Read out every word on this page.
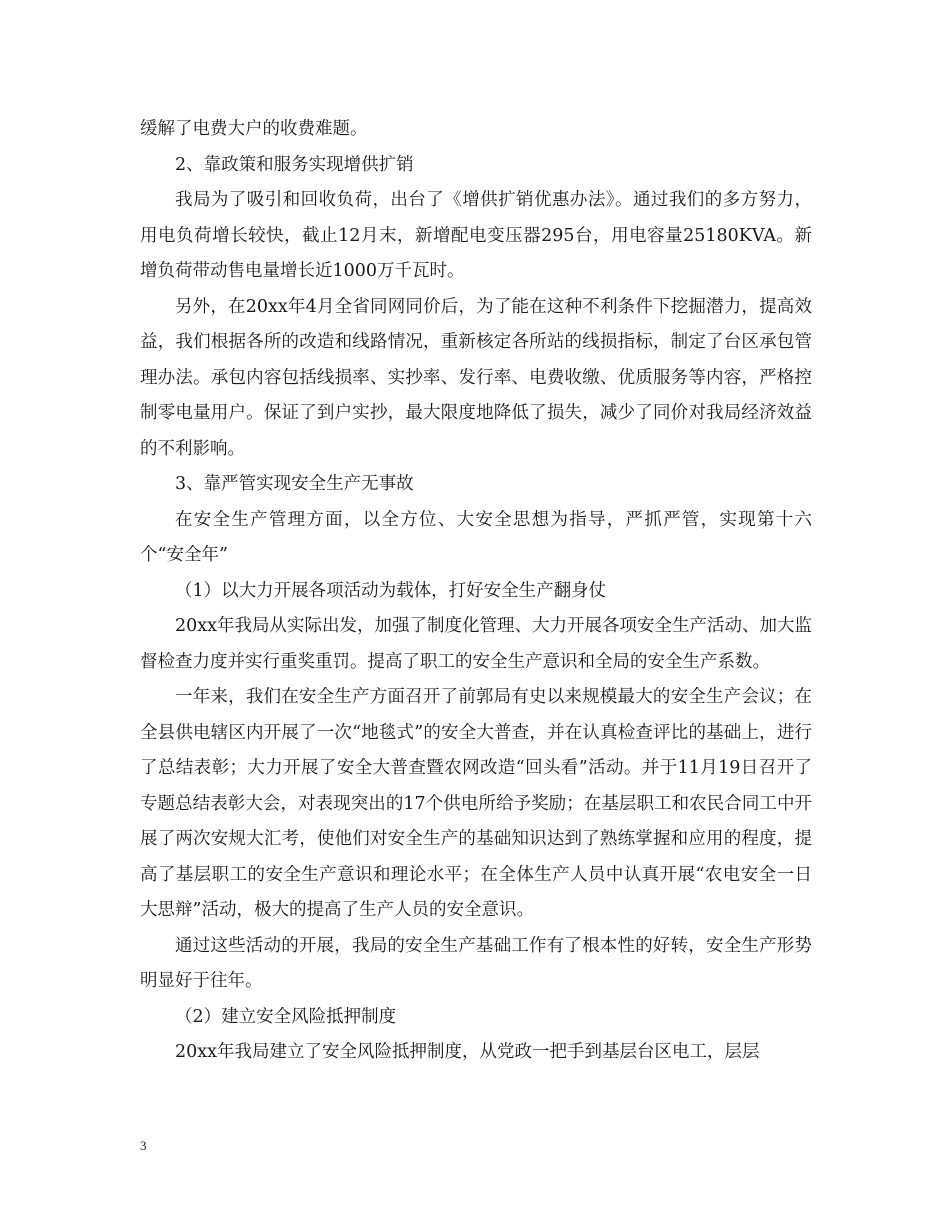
缓解了电费大户的收费难题。

2、靠政策和服务实现增供扩销

我局为了吸引和回收负荷，出台了《增供扩销优惠办法》。通过我们的多方努力，用电负荷增长较快，截止12月末，新增配电变压器295台，用电容量25180KVA。新增负荷带动售电量增长近1000万千瓦时。

另外，在20xx年4月全省同网同价后，为了能在这种不利条件下挖掘潜力，提高效益，我们根据各所的改造和线路情况，重新核定各所站的线损指标，制定了台区承包管理办法。承包内容包括线损率、实抄率、发行率、电费收缴、优质服务等内容，严格控制零电量用户。保证了到户实抄，最大限度地降低了损失，减少了同价对我局经济效益的不利影响。

3、靠严管实现安全生产无事故

在安全生产管理方面，以全方位、大安全思想为指导，严抓严管，实现第十六个“安全年”

（1）以大力开展各项活动为载体，打好安全生产翻身仗

20xx年我局从实际出发，加强了制度化管理、大力开展各项安全生产活动、加大监督检查力度并实行重奖重罚。提高了职工的安全生产意识和全局的安全生产系数。

一年来，我们在安全生产方面召开了前郭局有史以来规模最大的安全生产会议；在全县供电辖区内开展了一次“地毯式”的安全大普查，并在认真检查评比的基础上，进行了总结表彰；大力开展了安全大普查暨农网改造“回头看”活动。并于11月19日召开了专题总结表彰大会，对表现突出的17个供电所给予奖励；在基层职工和农民合同工中开展了两次安规大汇考，使他们对安全生产的基础知识达到了熟练掌握和应用的程度，提高了基层职工的安全生产意识和理论水平；在全体生产人员中认真开展“农电安全一日大思辩”活动，极大的提高了生产人员的安全意识。

通过这些活动的开展，我局的安全生产基础工作有了根本性的好转，安全生产形势明显好于往年。

（2）建立安全风险抵押制度

20xx年我局建立了安全风险抵押制度，从党政一把手到基层台区电工，层层

3
